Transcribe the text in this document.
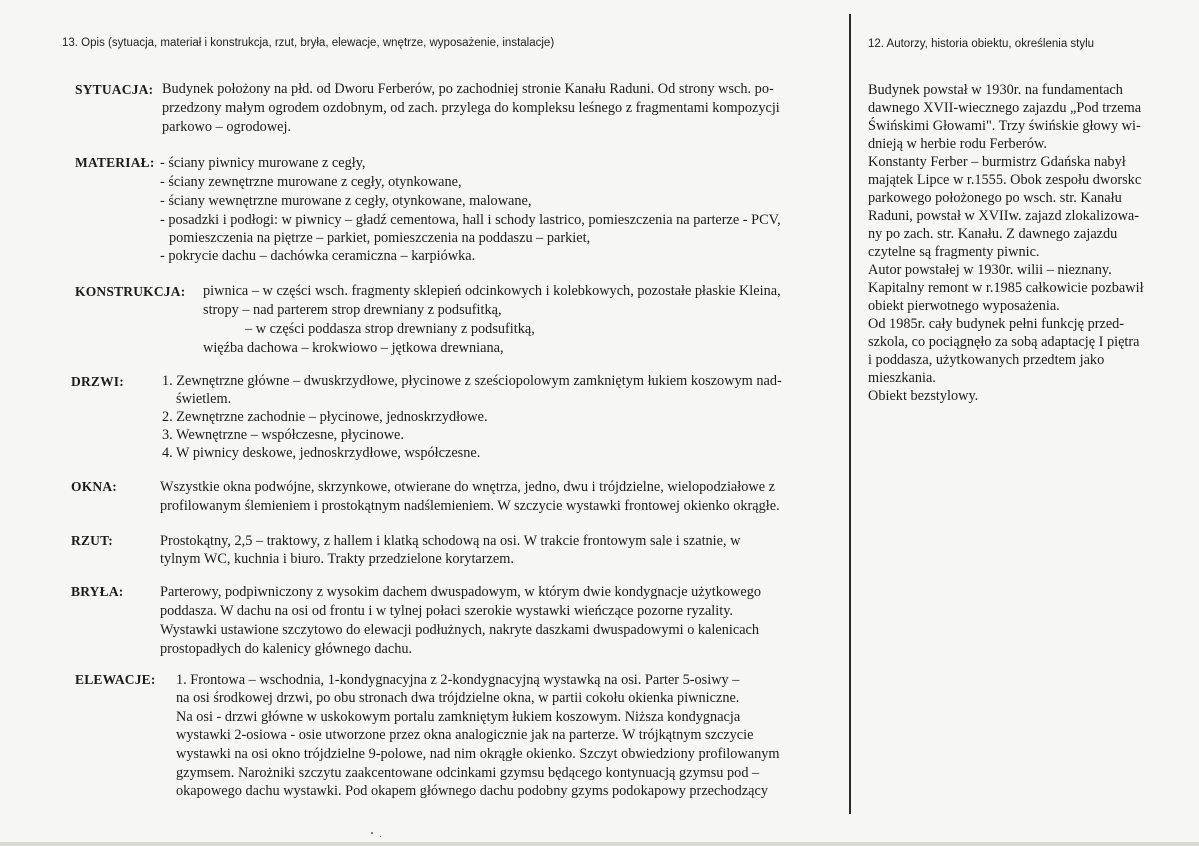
13. Opis (sytuacja, materiał i konstrukcja, rzut, bryła, elewacje, wnętrze, wyposażenie, instalacje)	12. Autorzy, historia obiektu, określenia stylu
SYTUACJA: Budynek położony na płd. od Dworu Ferberów, po zachodniej stronie Kanału Raduni. Od strony wsch. po-
przedzony małym ogrodem ozdobnym, od zach. przylega do kompleksu leśnego z fragmentami kompozycji
parkowo – ogrodowej.
MATERIAŁ: - ściany piwnicy murowane z cegły,
- ściany zewnętrzne murowane z cegły, otynkowane,
- ściany wewnętrzne murowane z cegły, otynkowane, malowane,
- posadzki i podłogi: w piwnicy – gładź cementowa, hall i schody lastrico, pomieszczenia na parterze - PCV,
pomieszczenia na piętrze – parkiet, pomieszczenia na poddaszu – parkiet,
- pokrycie dachu – dachówka ceramiczna – karpiówka.
KONSTRUKCJA: piwnica – w części wsch. fragmenty sklepień odcinkowych i kolebkowych, pozostałe płaskie Kleina,
stropy – nad parterem strop drewniany z podsufitką,
– w części poddasza strop drewniany z podsufitką,
więźba dachowa – krokwiowo – jętkowa drewniana,
DRZWI:	1. Zewnętrzne główne – dwuskrzydłowe, płycinowe z sześciopolowym zamkniętym łukiem koszowym nad-
świetlem.
2. Zewnętrzne zachodnie – płycinowe, jednoskrzydłowe.
3. Wewnętrzne – współczesne, płycinowe.
4. W piwnicy deskowe, jednoskrzydłowe, współczesne.
OKNA:	Wszystkie okna podwójne, skrzynkowe, otwierane do wnętrza, jedno, dwu i trójdzielne, wielopodziałowe z
profilowanym ślemieniem i prostokątnym nadślemieniem. W szczycie wystawki frontowej okienko okrągłe.
RZUT:	Prostokątny, 2,5 – traktowy, z hallem i klatką schodową na osi. W trakcie frontowym sale i szatnie, w
tylnym WC, kuchnia i biuro. Trakty przedzielone korytarzem.
BRYŁA:	Parterowy, podpiwniczony z wysokim dachem dwuspadowym, w którym dwie kondygnacje użytkowego
poddasza. W dachu na osi od frontu i w tylnej połaci szerokie wystawki wieńczące pozorne ryzality.
Wystawki ustawione szczytowo do elewacji podłużnych, nakryte daszkami dwuspadowymi o kalenicach
prostopadłych do kalenicy głównego dachu.
ELEWACJE: 1. Frontowa – wschodnia, 1-kondygnacyjna z 2-kondygnacyjną wystawką na osi. Parter 5-osiwy –
na osi środkowej drzwi, po obu stronach dwa trójdzielne okna, w partii cokołu okienka piwniczne.
Na osi - drzwi główne w uskokowym portalu zamkniętym łukiem koszowym. Niższa kondygnacja
wystawki 2-osiowa - osie utworzone przez okna analogicznie jak na parterze. W trójkątnym szczycie
wystawki na osi okno trójdzielne 9-polowe, nad nim okrągłe okienko. Szczyt obwiedziony profilowanym
gzymsem. Narożniki szczytu zaakcentowane odcinkami gzymsu będącego kontynuacją gzymsu pod –
okapowego dachu wystawki. Pod okapem głównego dachu podobny gzyms podokapowy przechodzący
Budynek powstał w 1930r. na fundamentach
dawnego XVII-wiecznego zajazdu „Pod trzema
Świńskimi Głowami". Trzy świńskie głowy wi-
dnieją w herbie rodu Ferberów.
Konstanty Ferber – burmistrz Gdańska nabył
majątek Lipce w r.1555. Obok zespołu dworskc
parkowego położonego po wsch. str. Kanału
Raduni, powstał w XVIIw. zajazd zlokalizowa-
ny po zach. str. Kanału. Z dawnego zajazdu
czytelne są fragmenty piwnic.
Autor powstałej w 1930r. wilii – nieznany.
Kapitalny remont w r.1985 całkowicie pozbawił
obiekt pierwotnego wyposażenia.
Od 1985r. cały budynek pełni funkcję przed-
szkola, co pociągnęło za sobą adaptację I piętra
i poddasza, użytkowanych przedtem jako
mieszkania.
Obiekt bezstylowy.
